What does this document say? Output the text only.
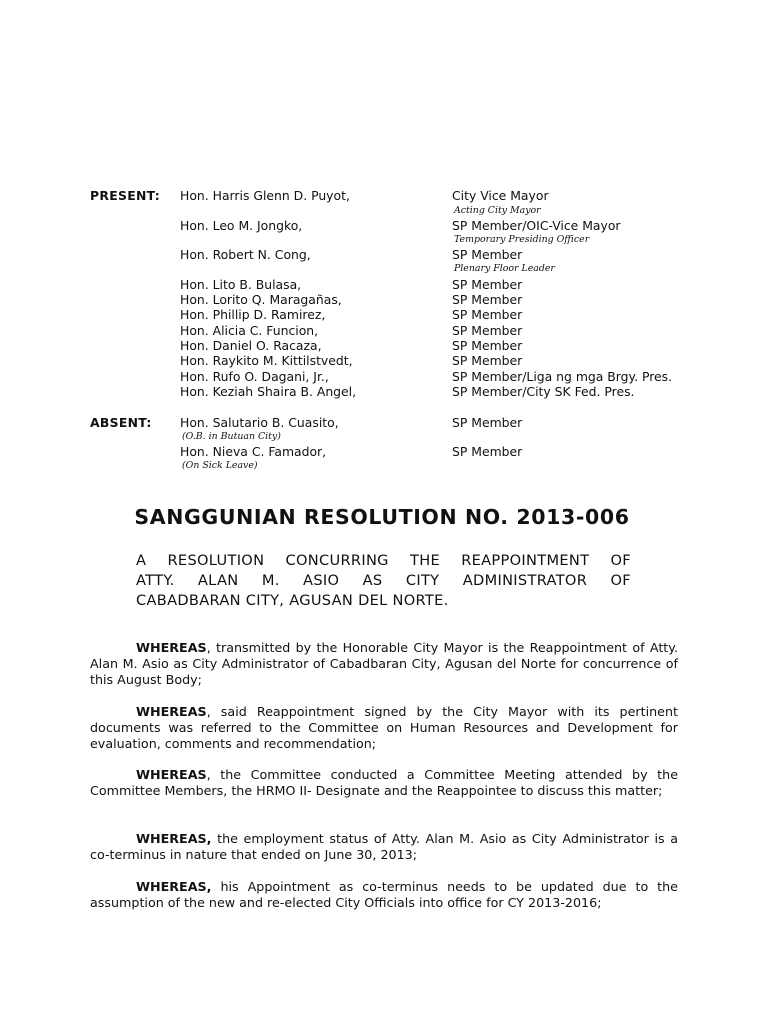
PRESENT: Hon. Harris Glenn D. Puyot,	City Vice Mayor
Acting City Mayor
Hon. Leo M. Jongko,	SP Member/OIC-Vice Mayor
Temporary Presiding Officer
Hon. Robert N. Cong,	SP Member
Plenary Floor Leader
Hon. Lito B. Bulasa,	SP Member
Hon. Lorito Q. Maragañas,	SP Member
Hon. Phillip D. Ramirez,	SP Member
Hon. Alicia C. Funcion,	SP Member
Hon. Daniel O. Racaza,	SP Member
Hon. Raykito M. Kittilstvedt,	SP Member
Hon. Rufo O. Dagani, Jr.,	SP Member/Liga ng mga Brgy. Pres.
Hon. Keziah Shaira B. Angel,	SP Member/City SK Fed. Pres.
ABSENT: Hon. Salutario B. Cuasito,	SP Member
(O.B. in Butuan City)
Hon. Nieva C. Famador,	SP Member
(On Sick Leave)
SANGGUNIAN RESOLUTION NO. 2013-006
A RESOLUTION CONCURRING THE REAPPOINTMENT OF
ATTY. ALAN M. ASIO AS CITY ADMINISTRATOR OF
CABADBARAN CITY, AGUSAN DEL NORTE.
WHEREAS, transmitted by the Honorable City Mayor is the Reappointment of Atty. Alan M. Asio as City Administrator of Cabadbaran City, Agusan del Norte for concurrence of this August Body;
WHEREAS, said Reappointment signed by the City Mayor with its pertinent documents was referred to the Committee on Human Resources and Development for evaluation, comments and recommendation;
WHEREAS, the Committee conducted a Committee Meeting attended by the Committee Members, the HRMO II- Designate and the Reappointee to discuss this matter;
WHEREAS, the employment status of Atty. Alan M. Asio as City Administrator is a co-terminus in nature that ended on June 30, 2013;
WHEREAS, his Appointment as co-terminus needs to be updated due to the assumption of the new and re-elected City Officials into office for CY 2013-2016;
